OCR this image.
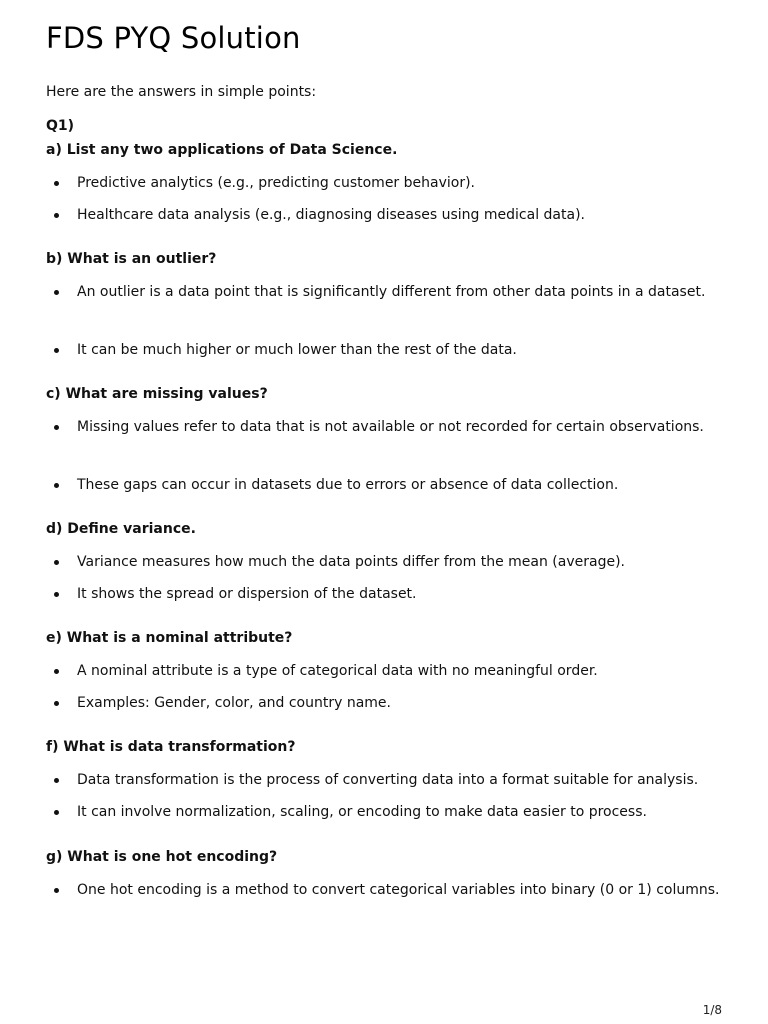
FDS PYQ Solution

Here are the answers in simple points:

Q1)

a) List any two applications of Data Science.

Predictive analytics (e.g., predicting customer behavior).
Healthcare data analysis (e.g., diagnosing diseases using medical data).

b) What is an outlier?

An outlier is a data point that is significantly different from other data points in a dataset.
It can be much higher or much lower than the rest of the data.

c) What are missing values?

Missing values refer to data that is not available or not recorded for certain observations.
These gaps can occur in datasets due to errors or absence of data collection.

d) Define variance.

Variance measures how much the data points differ from the mean (average).
It shows the spread or dispersion of the dataset.

e) What is a nominal attribute?

A nominal attribute is a type of categorical data with no meaningful order.
Examples: Gender, color, and country name.

f) What is data transformation?

Data transformation is the process of converting data into a format suitable for analysis.
It can involve normalization, scaling, or encoding to make data easier to process.

g) What is one hot encoding?

One hot encoding is a method to convert categorical variables into binary (0 or 1) columns.
1/8
